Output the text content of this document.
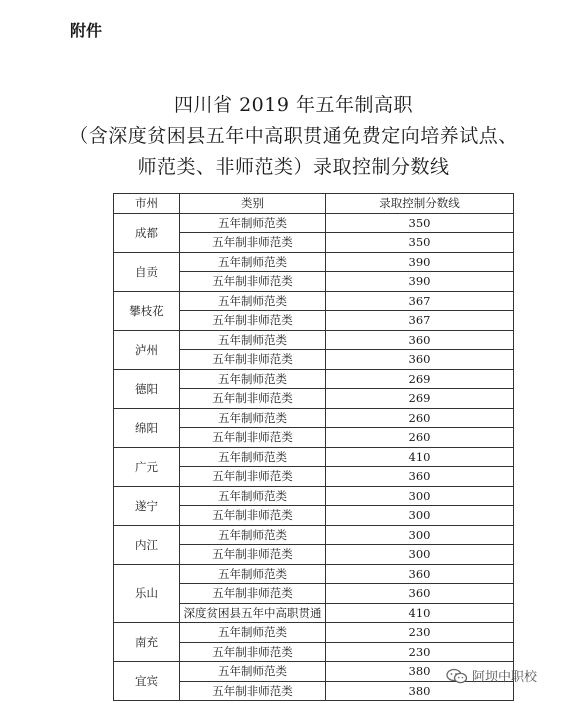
附件
四川省 2019 年五年制高职
（含深度贫困县五年中高职贯通免费定向培养试点、
师范类、非师范类）录取控制分数线
市州	类别	录取控制分数线
成都	五年制师范类	350
	五年制非师范类	350
自贡	五年制师范类	390
	五年制非师范类	390
攀枝花	五年制师范类	367
	五年制非师范类	367
泸州	五年制师范类	360
	五年制非师范类	360
德阳	五年制师范类	269
	五年制非师范类	269
绵阳	五年制师范类	260
	五年制非师范类	260
广元	五年制师范类	410
	五年制非师范类	360
遂宁	五年制师范类	300
	五年制非师范类	300
内江	五年制师范类	300
	五年制非师范类	300
乐山	五年制师范类	360
	五年制非师范类	360
	深度贫困县五年中高职贯通	410
南充	五年制师范类	230
	五年制非师范类	230
宜宾	五年制师范类	380
	五年制非师范类	380
阿坝中职校
